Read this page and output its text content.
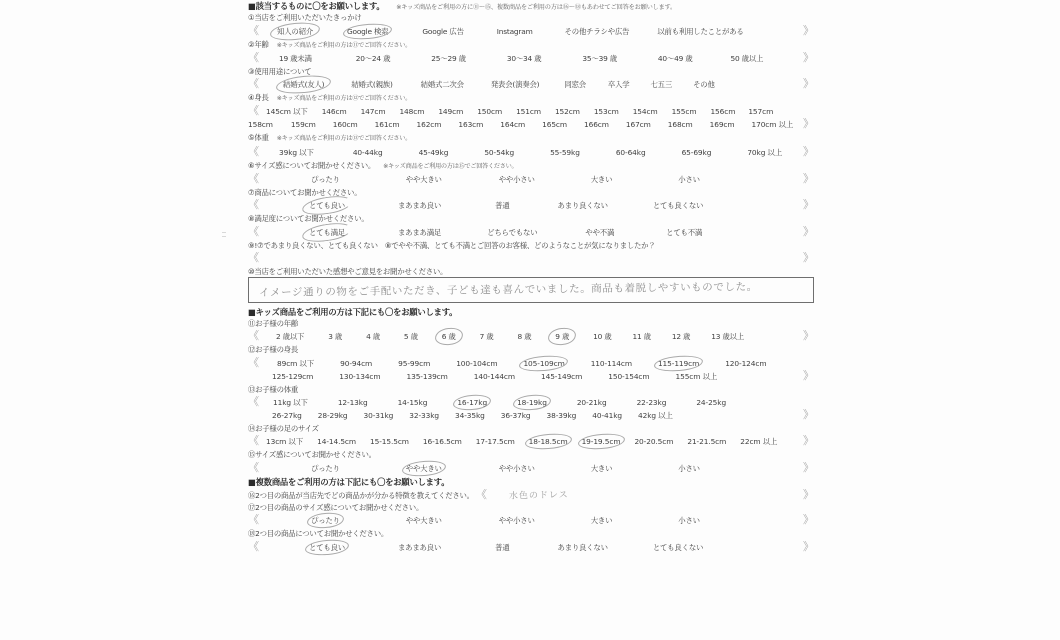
■該当するものに〇をお願いします。 ※キッズ商品をご利用の方に⑪～⑮、複数商品をご利用の方は⑯～⑱もあわせてご回答をお願いします。
①当店をご利用いただいたきっかけ
《 知人の紹介	Google 検索	Google 広告	Instagram	その他チラシや広告	以前も利用したことがある	》
②年齢 ※キッズ商品をご利用の方は⑪でご回答ください。
《	19 歳未満	20～24 歳	25～29 歳	30～34 歳	35～39 歳	40～49 歳	50 歳以上	》
③使用用途について
《	結婚式(友人)	結婚式(親族)	結婚式二次会	発表会(演奏会)	同窓会	卒入学	七五三	その他	》
④身長 ※キッズ商品をご利用の方は⑫でご回答ください。
《 145cm 以下 146cm 147cm 148cm 149cm 150cm 151cm 152cm 153cm 154cm 155cm 156cm 157cm
158cm 159cm 160cm 161cm 162cm 163cm 164cm 165cm 166cm 167cm 168cm 169cm 170cm 以上 》
⑤体重 ※キッズ商品をご利用の方は⑬でご回答ください。
《	39kg 以下	40-44kg	45-49kg	50-54kg	55-59kg	60-64kg	65-69kg	70kg 以上	》
⑥サイズ感についてお聞かせください。 ※キッズ商品をご利用の方は⑮でご回答ください。
《	ぴったり	やや大きい	やや小さい	大きい	小さい	》
⑦商品についてお聞かせください。
《	とても良い	まあまあ良い	普通	あまり良くない	とても良くない	》
⑧満足度についてお聞かせください。
《	とても満足	まあまあ満足	どちらでもない	やや不満	とても不満	》
⑨!⑦であまり良くない、とても良くない　⑧でやや不満、とても不満とご回答のお客様、どのようなことが気になりましたか？
《	》
⑩当店をご利用いただいた感想やご意見をお聞かせください。
イメージ通りの物をご手配いただき、子ども達も喜んでいました。商品も着脱しやすいものでした。
■キッズ商品をご利用の方は下記にも〇をお願いします。
⑪お子様の年齢
《 2 歳以下	3 歳	4 歳	5 歳	6 歳	7 歳	8 歳	9 歳	10 歳	11 歳	12 歳	13 歳以上	》
⑫お子様の身長
《 89cm 以下	90-94cm	95-99cm	100-104cm	105-109cm	110-114cm	115-119cm	120-124cm
125-129cm	130-134cm	135-139cm	140-144cm	145-149cm	150-154cm	155cm 以上	》
⑬お子様の体重
《 11kg 以下	12-13kg	14-15kg	16-17kg	18-19kg	20-21kg	22-23kg	24-25kg
26-27kg 28-29kg 30-31kg 32-33kg 34-35kg 36-37kg 38-39kg 40-41kg 42kg 以上	》
⑭お子様の足のサイズ
《 13cm 以下 14-14.5cm 15-15.5cm 16-16.5cm 17-17.5cm 18-18.5cm 19-19.5cm 20-20.5cm 21-21.5cm 22cm 以上	》
⑮サイズ感についてお聞かせください。
《	ぴったり	やや大きい	やや小さい	大きい	小さい	》
■複数商品をご利用の方は下記にも〇をお願いします。
⑯2つ目の商品が当店先でどの商品かが分かる特徴を教えてください。 《 水色のドレス	》
⑰2つ目の商品のサイズ感についてお聞かせください。
《	ぴったり	やや大きい	やや小さい	大きい	小さい	》
⑱2つ目の商品についてお聞かせください。
《	とても良い	まあまあ良い	普通	あまり良くない	とても良くない	》
